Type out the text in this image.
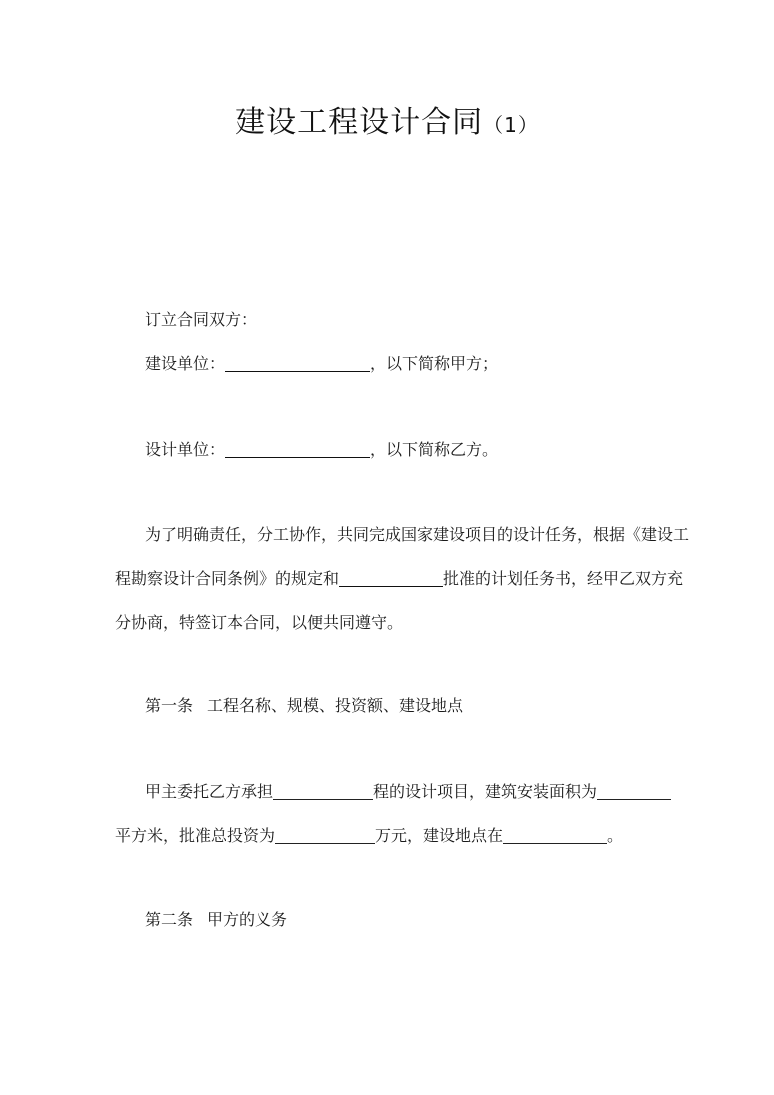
建设工程设计合同（1）
订立合同双方：
建设单位：	，以下简称甲方；
设计单位：	，以下简称乙方。
为了明确责任，分工协作，共同完成国家建设项目的设计任务，根据《建设工
程勘察设计合同条例》的规定和	批准的计划任务书，经甲乙双方充
分协商，特签订本合同，以便共同遵守。
第一条 工程名称、规模、投资额、建设地点
甲主委托乙方承担	程的设计项目，建筑安装面积为
平方米，批准总投资为	万元，建设地点在	。
第二条 甲方的义务
